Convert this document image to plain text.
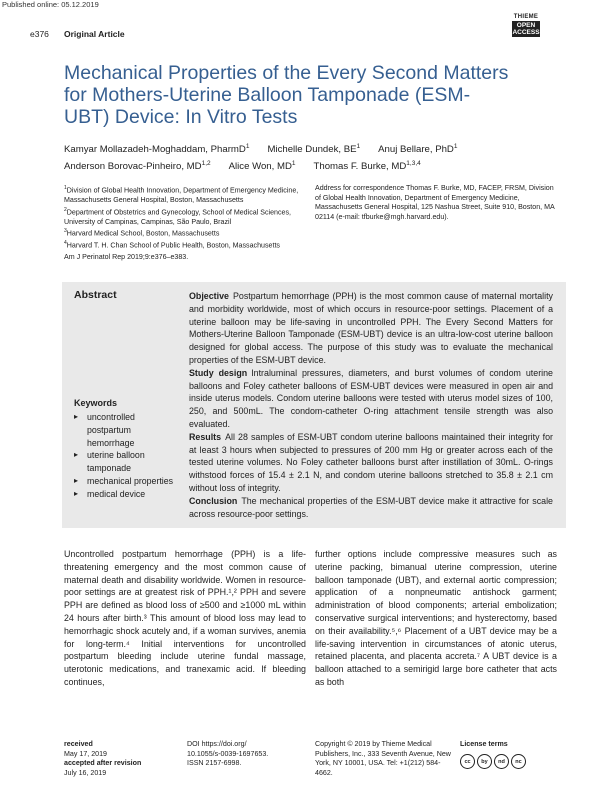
Published online: 05.12.2019
e376 Original Article
THIEME
OPEN
ACCESS
Mechanical Properties of the Every Second Matters for Mothers-Uterine Balloon Tamponade (ESM-UBT) Device: In Vitro Tests
Kamyar Mollazadeh-Moghaddam, PharmD$^1$ Michelle Dundek, $BE^1$ Anuj Bellare, PhD$^1$
Anderson Borovac-Pinheiro, MD$^{1,2}$ Alice Won, $MD^1$ Thomas F. Burke, MD$^{1,3,4}$
$^1$Division of Global Health Innovation, Department of Emergency Medicine, Massachusetts General Hospital, Boston, Massachusetts
$^2$Department of Obstetrics and Gynecology, School of Medical Sciences, University of Campinas, Campinas, São Paulo, Brazil
$^3$Harvard Medical School, Boston, Massachusetts
$^4$Harvard T. H. Chan School of Public Health, Boston, Massachusetts
Address for correspondence Thomas F. Burke, MD, FACEP, FRSM, Division of Global Health Innovation, Department of Emergency Medicine, Massachusetts General Hospital, 125 Nashua Street, Suite 910, Boston, MA 02114 (e-mail: tfburke@mgh.harvard.edu).
Am J Perinatol Rep 2019;9:e376–e383.
Abstract	Objective Postpartum hemorrhage (PPH) is the most common cause of maternal mortality and morbidity worldwide, most of which occurs in resource-poor settings. Placement of a uterine balloon may be life-saving in uncontrolled PPH. The Every Second Matters for Mothers-Uterine Balloon Tamponade (ESM-UBT) device is an ultra-low-cost uterine balloon designed for global access. The purpose of this study was to evaluate the mechanical properties of the ESM-UBT device.

Study design Intraluminal pressures, diameters, and burst volumes of condom uterine balloons and Foley catheter balloons of ESM-UBT devices were measured in open air and inside uterus models. Condom uterine balloons were tested with uterus model sizes of 100, 250, and 500mL. The condom-catheter O-ring attachment tensile strength was also evaluated.

Results All 28 samples of ESM-UBT condom uterine balloons maintained their integrity for at least 3 hours when subjected to pressures of 200 mm Hg or greater across each of the tested uterine volumes. No Foley catheter balloons burst after instillation of 30mL. O-rings withstood forces of 15.4 ± 2.1 N, and condom uterine balloons stretched to 35.8 ± 2.1 cm without loss of integrity.

Conclusion The mechanical properties of the ESM-UBT device make it attractive for scale across resource-poor settings.

Keywords
▸ uncontrolled postpartum hemorrhage
▸ uterine balloon tamponade
▸ mechanical properties
▸ medical device
Uncontrolled postpartum hemorrhage (PPH) is a life-threatening emergency and the most common cause of maternal death and disability worldwide. Women in resource-poor settings are at greatest risk of PPH.¹,² PPH and severe PPH are defined as blood loss of ≥500 and ≥1000 mL within 24 hours after birth.³ This amount of blood loss may lead to hemorrhagic shock acutely and, if a woman survives, anemia for long-term.⁴ Initial interventions for uncontrolled postpartum bleeding include uterine fundal massage, uterotonic medications, and tranexamic acid. If bleeding continues,
further options include compressive measures such as uterine packing, bimanual uterine compression, uterine balloon tamponade (UBT), and external aortic compression; application of a nonpneumatic antishock garment; administration of blood components; arterial embolization; conservative surgical interventions; and hysterectomy, based on their availability.⁵,⁶ Placement of a UBT device may be a life-saving intervention in circumstances of atonic uterus, retained placenta, and placenta accreta.⁷ A UBT device is a balloon attached to a semirigid large bore catheter that acts as both
received
May 17, 2019
accepted after revision
July 16, 2019
DOI https://doi.org/
10.1055/s-0039-1697653.
ISSN 2157-6998.
Copyright © 2019 by Thieme Medical Publishers, Inc., 333 Seventh Avenue, New York, NY 10001, USA. Tel: +1(212) 584-4662.
License terms
cc	by	nd	nc
